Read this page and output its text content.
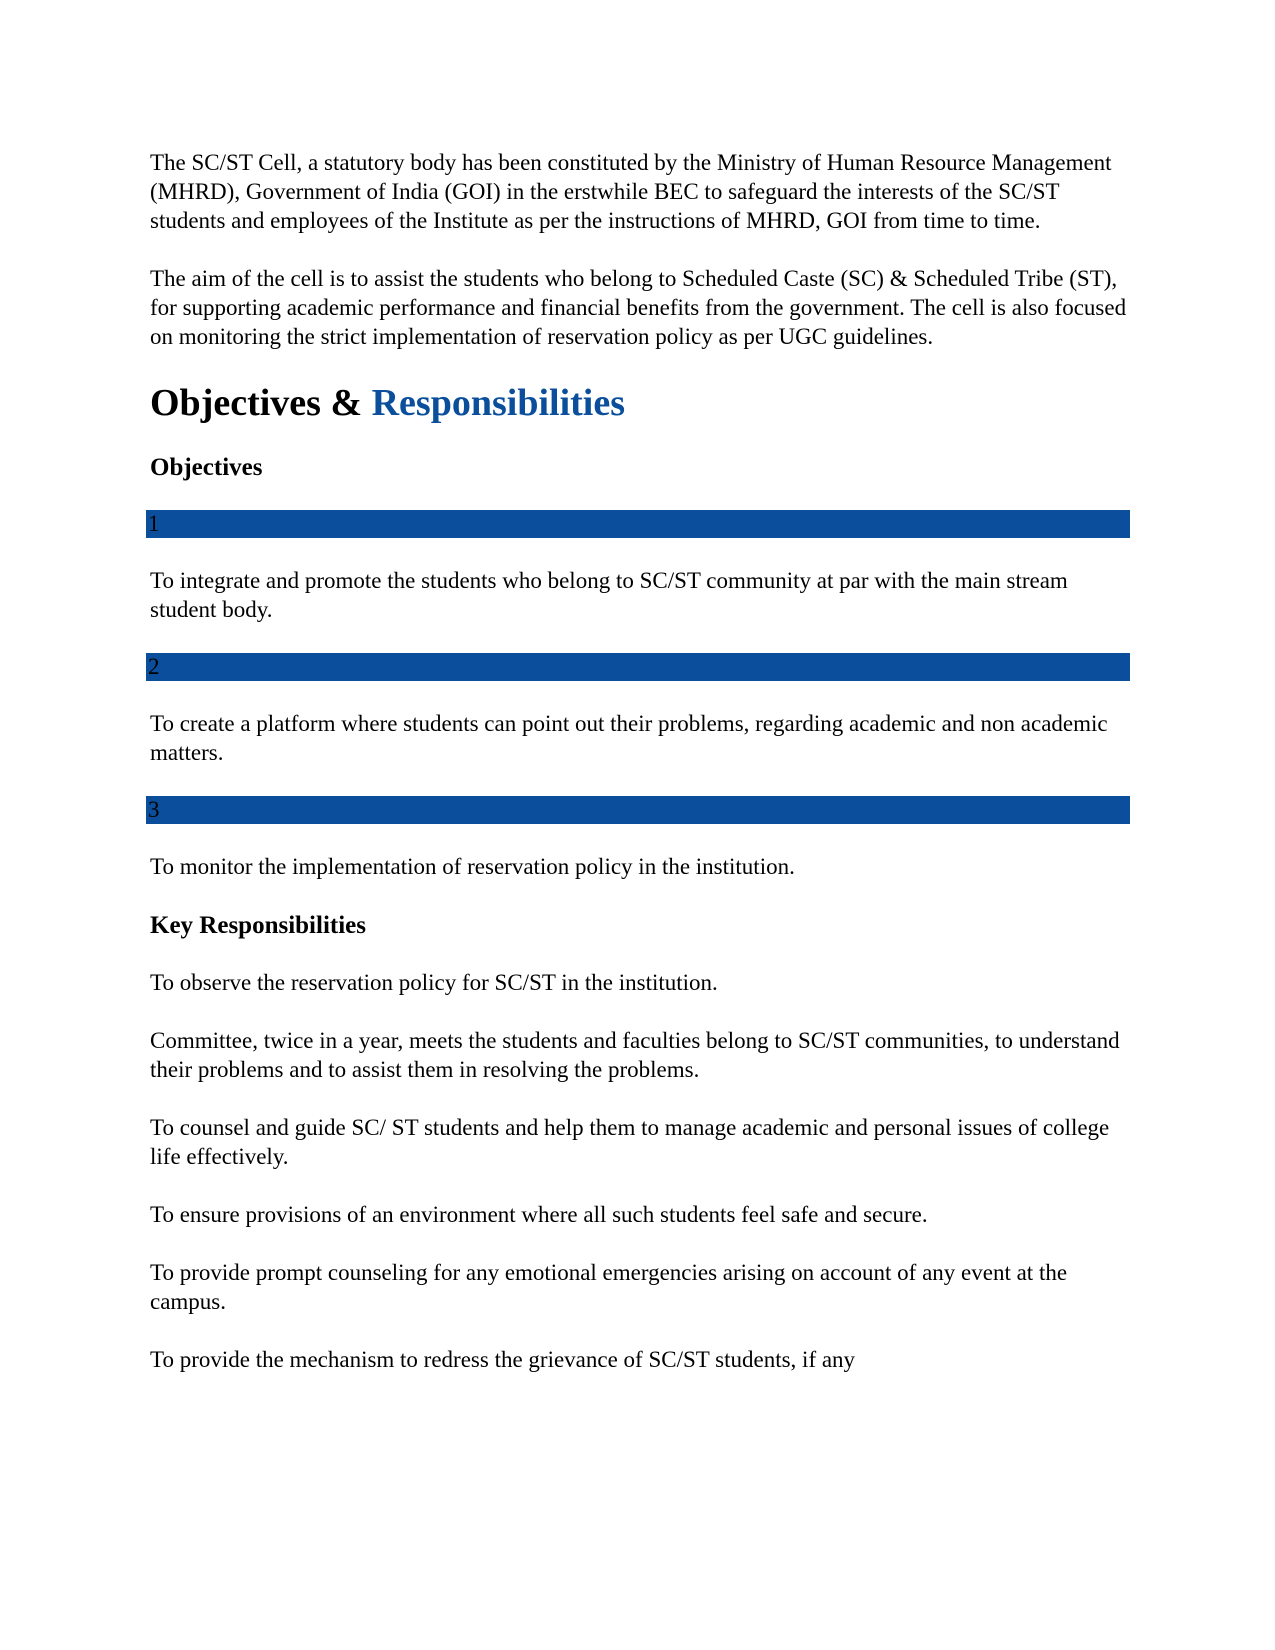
The SC/ST Cell, a statutory body has been constituted by the Ministry of Human Resource Management (MHRD), Government of India (GOI) in the erstwhile BEC to safeguard the interests of the SC/ST students and employees of the Institute as per the instructions of MHRD, GOI from time to time.

The aim of the cell is to assist the students who belong to Scheduled Caste (SC) & Scheduled Tribe (ST), for supporting academic performance and financial benefits from the government. The cell is also focused on monitoring the strict implementation of reservation policy as per UGC guidelines.

Objectives & Responsibilities
Objectives
1

To integrate and promote the students who belong to SC/ST community at par with the main stream student body.

2

To create a platform where students can point out their problems, regarding academic and non academic matters.

3

To monitor the implementation of reservation policy in the institution.

Key Responsibilities

To observe the reservation policy for SC/ST in the institution.

Committee, twice in a year, meets the students and faculties belong to SC/ST communities, to understand their problems and to assist them in resolving the problems.

To counsel and guide SC/ ST students and help them to manage academic and personal issues of college life effectively.

To ensure provisions of an environment where all such students feel safe and secure.

To provide prompt counseling for any emotional emergencies arising on account of any event at the campus.

To provide the mechanism to redress the grievance of SC/ST students, if any
